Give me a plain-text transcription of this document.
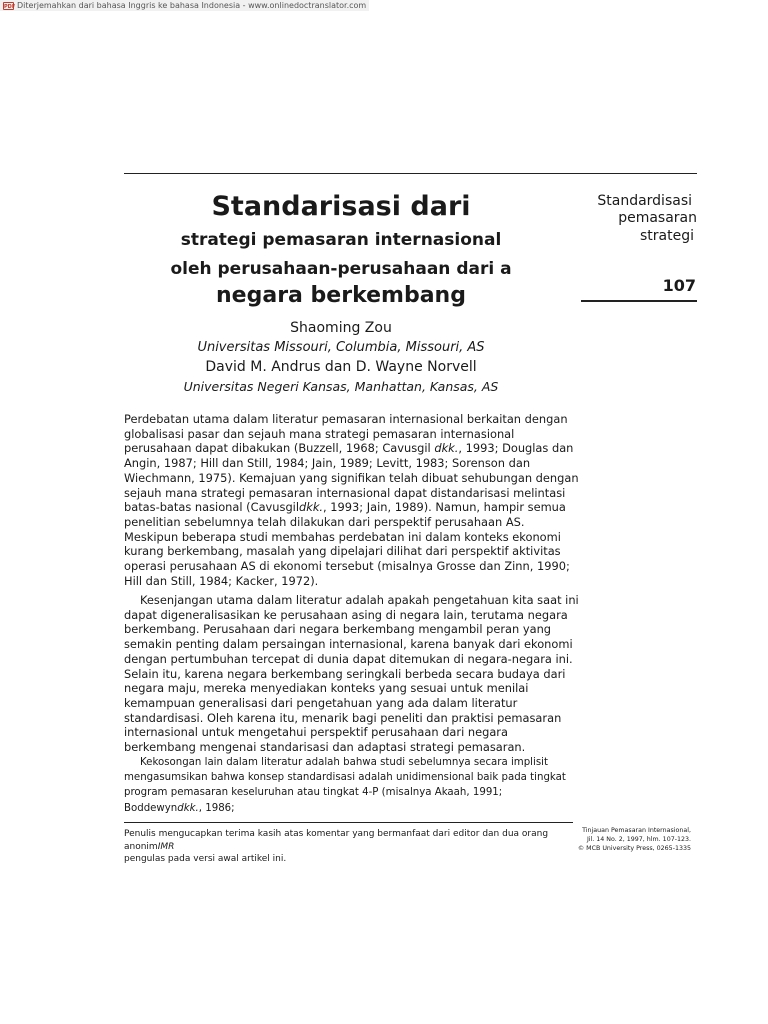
PDF Diterjemahkan dari bahasa Inggris ke bahasa Indonesia - www.onlinedoctranslator.com
Standarisasi dari
strategi pemasaran internasional
oleh perusahaan-perusahaan dari a
negara berkembang
Shaoming Zou
Universitas Missouri, Columbia, Missouri, AS
David M. Andrus dan D. Wayne Norvell
Universitas Negeri Kansas, Manhattan, Kansas, AS
Standardisasi
pemasaran
strategi
107

Perdebatan utama dalam literatur pemasaran internasional berkaitan dengan globalisasi pasar dan sejauh mana strategi pemasaran internasional perusahaan dapat dibakukan (Buzzell, 1968; Cavusgil dkk., 1993; Douglas dan Angin, 1987; Hill dan Still, 1984; Jain, 1989; Levitt, 1983; Sorenson dan Wiechmann, 1975). Kemajuan yang signifikan telah dibuat sehubungan dengan sejauh mana strategi pemasaran internasional dapat distandarisasi melintasi batas-batas nasional (Cavusgildkk., 1993; Jain, 1989). Namun, hampir semua penelitian sebelumnya telah dilakukan dari perspektif perusahaan AS. Meskipun beberapa studi membahas perdebatan ini dalam konteks ekonomi kurang berkembang, masalah yang dipelajari dilihat dari perspektif aktivitas operasi perusahaan AS di ekonomi tersebut (misalnya Grosse dan Zinn, 1990; Hill dan Still, 1984; Kacker, 1972).

Kesenjangan utama dalam literatur adalah apakah pengetahuan kita saat ini dapat digeneralisasikan ke perusahaan asing di negara lain, terutama negara berkembang. Perusahaan dari negara berkembang mengambil peran yang semakin penting dalam persaingan internasional, karena banyak dari ekonomi dengan pertumbuhan tercepat di dunia dapat ditemukan di negara-negara ini. Selain itu, karena negara berkembang seringkali berbeda secara budaya dari negara maju, mereka menyediakan konteks yang sesuai untuk menilai kemampuan generalisasi dari pengetahuan yang ada dalam literatur standardisasi. Oleh karena itu, menarik bagi peneliti dan praktisi pemasaran internasional untuk mengetahui perspektif perusahaan dari negara berkembang mengenai standarisasi dan adaptasi strategi pemasaran.

Kekosongan lain dalam literatur adalah bahwa studi sebelumnya secara implisit mengasumsikan bahwa konsep standardisasi adalah unidimensional baik pada tingkat program pemasaran keseluruhan atau tingkat 4-P (misalnya Akaah, 1991; Boddewyndkk., 1986;

Penulis mengucapkan terima kasih atas komentar yang bermanfaat dari editor dan dua orang anonimIMR
pengulas pada versi awal artikel ini.

Tinjauan Pemasaran Internasional,
Jil. 14 No. 2, 1997, hlm. 107-123.
© MCB University Press, 0265-1335
